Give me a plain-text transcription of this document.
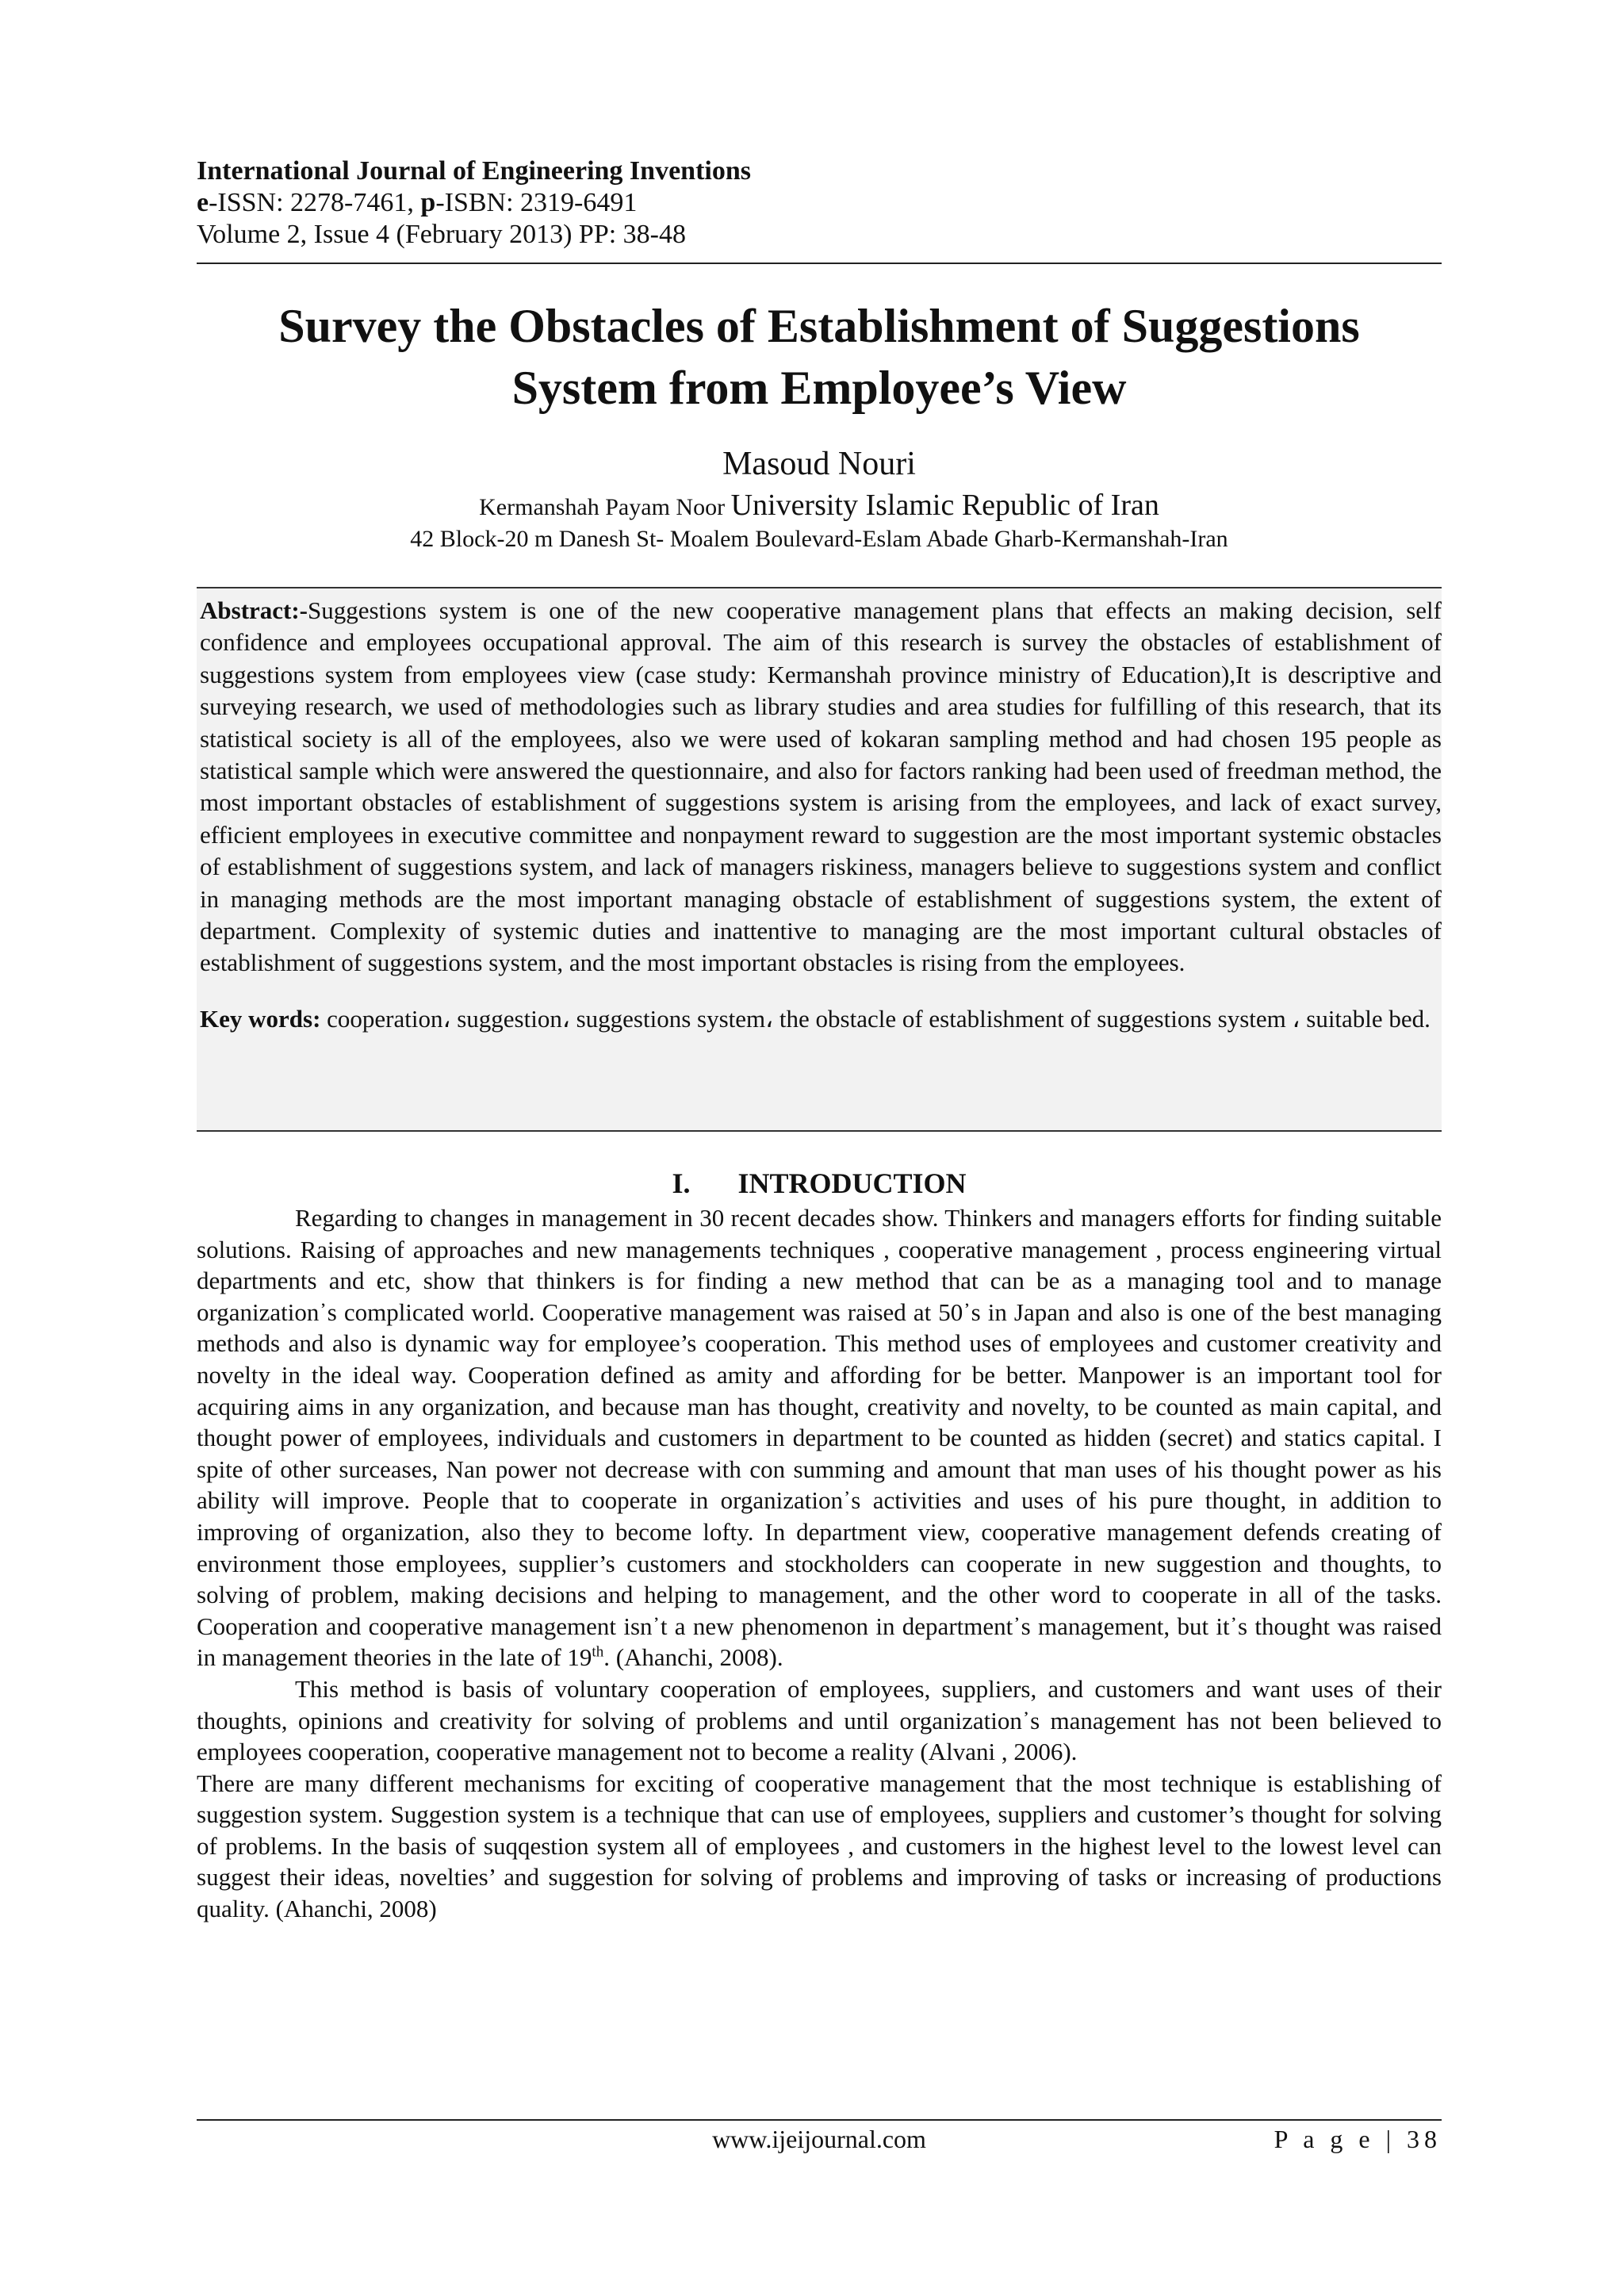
International Journal of Engineering Inventions
e-ISSN: 2278-7461, p-ISBN: 2319-6491
Volume 2, Issue 4 (February 2013) PP: 38-48
Survey the Obstacles of Establishment of Suggestions
System from Employee’s View
Masoud Nouri
Kermanshah Payam Noor University Islamic Republic of Iran
42 Block-20 m Danesh St- Moalem Boulevard-Eslam Abade Gharb-Kermanshah-Iran

Abstract:-Suggestions system is one of the new cooperative management plans that effects an making decision, self confidence and employees occupational approval. The aim of this research is survey the obstacles of establishment of suggestions system from employees view (case study: Kermanshah province ministry of Education),It is descriptive and surveying research, we used of methodologies such as library studies and area studies for fulfilling of this research, that its statistical society is all of the employees, also we were used of kokaran sampling method and had chosen 195 people as statistical sample which were answered the questionnaire, and also for factors ranking had been used of freedman method, the most important obstacles of establishment of suggestions system is arising from the employees, and lack of exact survey, efficient employees in executive committee and nonpayment reward to suggestion are the most important systemic obstacles of establishment of suggestions system, and lack of managers riskiness, managers believe to suggestions system and conflict in managing methods are the most important managing obstacle of establishment of suggestions system, the extent of department. Complexity of systemic duties and inattentive to managing are the most important cultural obstacles of establishment of suggestions system, and the most important obstacles is rising from the employees.

Key words: cooperation، suggestion، suggestions system، the obstacle of establishment of suggestions system ، suitable bed.

I. INTRODUCTION

Regarding to changes in management in 30 recent decades show. Thinkers and managers efforts for finding suitable solutions. Raising of approaches and new managements techniques , cooperative management , process engineering virtual departments and etc, show that thinkers is for finding a new method that can be as a managing tool and to manage organization᾽s complicated world. Cooperative management was raised at 50᾽s in Japan and also is one of the best managing methods and also is dynamic way for employee’s cooperation. This method uses of employees and customer creativity and novelty in the ideal way. Cooperation defined as amity and affording for be better. Manpower is an important tool for acquiring aims in any organization, and because man has thought, creativity and novelty, to be counted as main capital, and thought power of employees, individuals and customers in department to be counted as hidden (secret) and statics capital. I spite of other surceases, Nan power not decrease with con summing and amount that man uses of his thought power as his ability will improve. People that to cooperate in organization᾽s activities and uses of his pure thought, in addition to improving of organization, also they to become lofty. In department view, cooperative management defends creating of environment those employees, supplier’s customers and stockholders can cooperate in new suggestion and thoughts, to solving of problem, making decisions and helping to management, and the other word to cooperate in all of the tasks. Cooperation and cooperative management isn᾽t a new phenomenon in department᾽s management, but it᾽s thought was raised in management theories in the late of 19th. (Ahanchi, 2008).

This method is basis of voluntary cooperation of employees, suppliers, and customers and want uses of their thoughts, opinions and creativity for solving of problems and until organization᾽s management has not been believed to employees cooperation, cooperative management not to become a reality (Alvani , 2006).

There are many different mechanisms for exciting of cooperative management that the most technique is establishing of suggestion system. Suggestion system is a technique that can use of employees, suppliers and customer’s thought for solving of problems. In the basis of suqqestion system all of employees , and customers in the highest level to the lowest level can suggest their ideas, novelties’ and suggestion for solving of problems and improving of tasks or increasing of productions quality. (Ahanchi, 2008)

www.ijeijournal.com	P a g e | 38
